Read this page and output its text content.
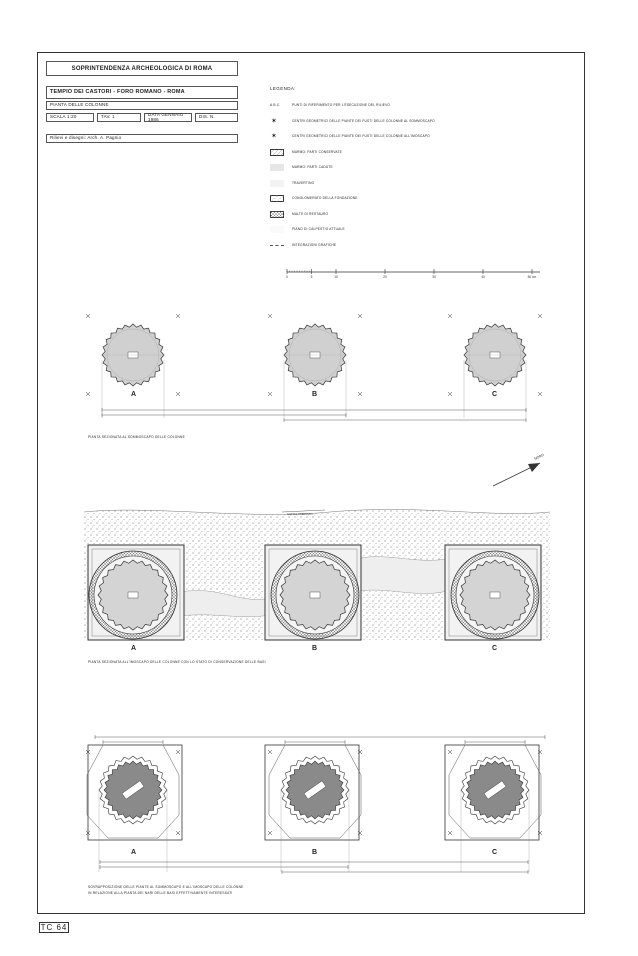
SOPRINTENDENZA ARCHEOLOGICA DI ROMA
TEMPIO DEI CASTORI - FORO ROMANO - ROMA
PIANTA DELLE COLONNE
SCALA 1:20	TAV. 1	DATA GENNAIO 1986	DIS. N.
Rilievi e disegni: Arch. A. Pagnio
LEGENDA:
A.B.C.	PUNTI DI RIFERIMENTO PER L'ESECUZIONE DEL RILIEVO
✶	CENTRI GEOMETRICI DELLE PIANTE DEI FUSTI DELLE COLONNE AL SOMMOSCAPO
✶	CENTRI GEOMETRICI DELLE PIANTE DEI FUSTI DELLE COLONNE ALL'IMOSCAPO
MARMO: PARTI CONSERVATE
MARMO: PARTI CADUTE
TRAVERTINO
CONGLOMERATO DELLA FONDAZIONE
MALTE DI RESTAURO
PIANO DI CALPESTIO ATTUALE
INTEGRAZIONI GRAFICHE
PIANTA SEZIONATA AL SOMMOSCAPO DELLE COLONNE
PIANTA SEZIONATA ALL'IMOSCAPO DELLE COLONNE CON LO STATO DI CONSERVAZIONE DELLE BASI
SOVRAPPOSIZIONE DELLE PIANTE AL SOMMOSCAPO E ALL'IMOSCAPO DELLE COLONNE
IN RELAZIONE ALLA PIANTA DEI NARI DELLE BASI EFFETTIVAMENTE INTERESSATI
A	B	C
A	B	C
A	B	C
TC 64
0	5	10	20	30	40	50 cm
NORD
CONGLOMERATO
